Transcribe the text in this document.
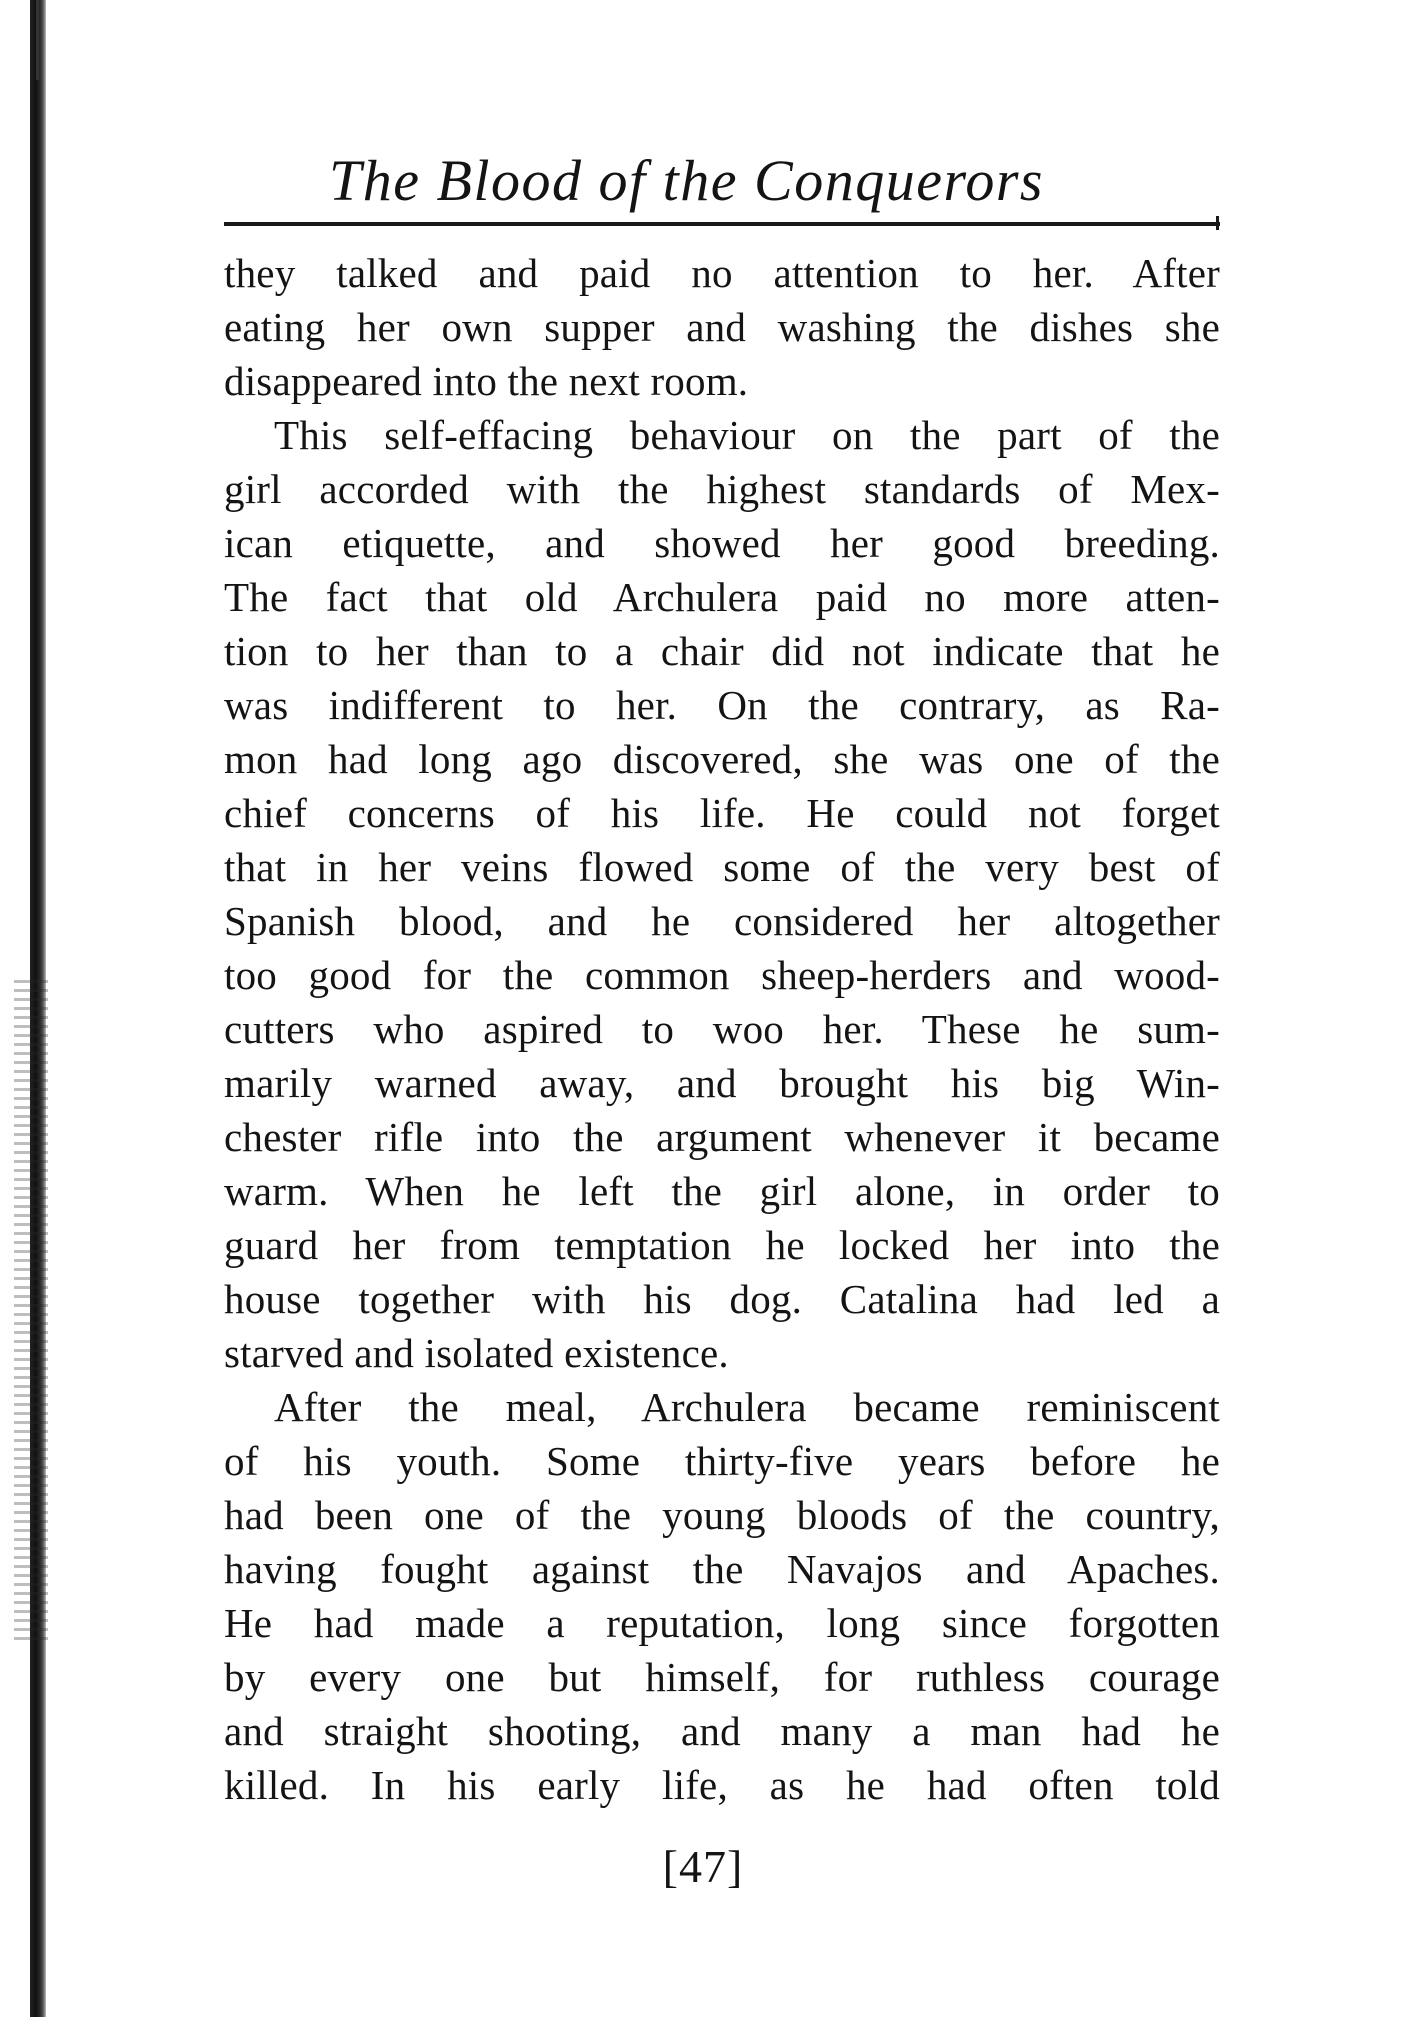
The Blood of the Conquerors

they talked and paid no attention to her. After

eating her own supper and washing the dishes she

disappeared into the next room.

This self-effacing behaviour on the part of the

girl accorded with the highest standards of Mex-

ican etiquette, and showed her good breeding.

The fact that old Archulera paid no more atten-

tion to her than to a chair did not indicate that he

was indifferent to her. On the contrary, as Ra-

mon had long ago discovered, she was one of the

chief concerns of his life. He could not forget

that in her veins flowed some of the very best of

Spanish blood, and he considered her altogether

too good for the common sheep-herders and wood-

cutters who aspired to woo her. These he sum-

marily warned away, and brought his big Win-

chester rifle into the argument whenever it became

warm. When he left the girl alone, in order to

guard her from temptation he locked her into the

house together with his dog. Catalina had led a

starved and isolated existence.

After the meal, Archulera became reminiscent

of his youth. Some thirty-five years before he

had been one of the young bloods of the country,

having fought against the Navajos and Apaches.

He had made a reputation, long since forgotten

by every one but himself, for ruthless courage

and straight shooting, and many a man had he

killed. In his early life, as he had often told

[47]
